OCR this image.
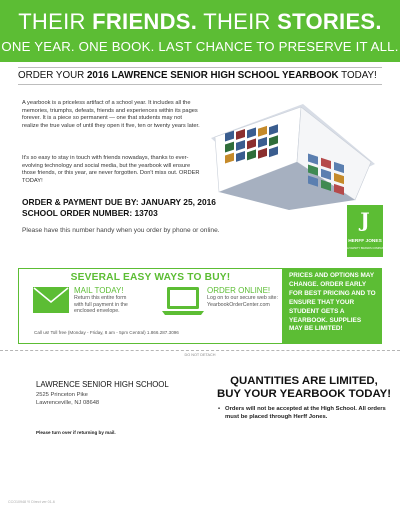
THEIR FRIENDS. THEIR STORIES.
ONE YEAR. ONE BOOK. LAST CHANCE TO PRESERVE IT ALL.
ORDER YOUR 2016 LAWRENCE SENIOR HIGH SCHOOL YEARBOOK TODAY!
A yearbook is a priceless artifact of a school year. It includes all the memories, triumphs, defeats, friends and experiences within its pages forever. It is a piece so permanent — one that students may not realize the true value of until they open it five, ten or twenty years later.
It's so easy to stay in touch with friends nowadays, thanks to ever-evolving technology and social media, but the yearbook will ensure those friends, or this year, are never forgotten. Don't miss out. ORDER TODAY!
ORDER & PAYMENT DUE BY: JANUARY 25, 2016
SCHOOL ORDER NUMBER: 13703
Please have this number handy when you order by phone or online.	J
HERFF JONES
A VARSITY BRANDS COMPANY
SEVERAL EASY WAYS TO BUY!
MAIL TODAY!
Return this entire form with full payment in the enclosed envelope.
ORDER ONLINE!
Log on to our secure web site: YearbookOrderCenter.com
Call us! Toll free (Monday - Friday, 8 am - 5pm Central) 1.866.287.3096
PRICES AND OPTIONS MAY CHANGE. ORDER EARLY FOR BEST PRICING AND TO ENSURE THAT YOUR STUDENT GETS A YEARBOOK. SUPPLIES MAY BE LIMITED!
DO NOT DETACH
LAWRENCE SENIOR HIGH SCHOOL
2525 Princeton Pike
Lawrenceville, NJ 08648
Please turn over if returning by mail.
QUANTITIES ARE LIMITED,
BUY YOUR YEARBOOK TODAY!
• Orders will not be accepted at the High School. All orders must be placed through Herff Jones.
CCO10948 YI Direct ver 01-6
